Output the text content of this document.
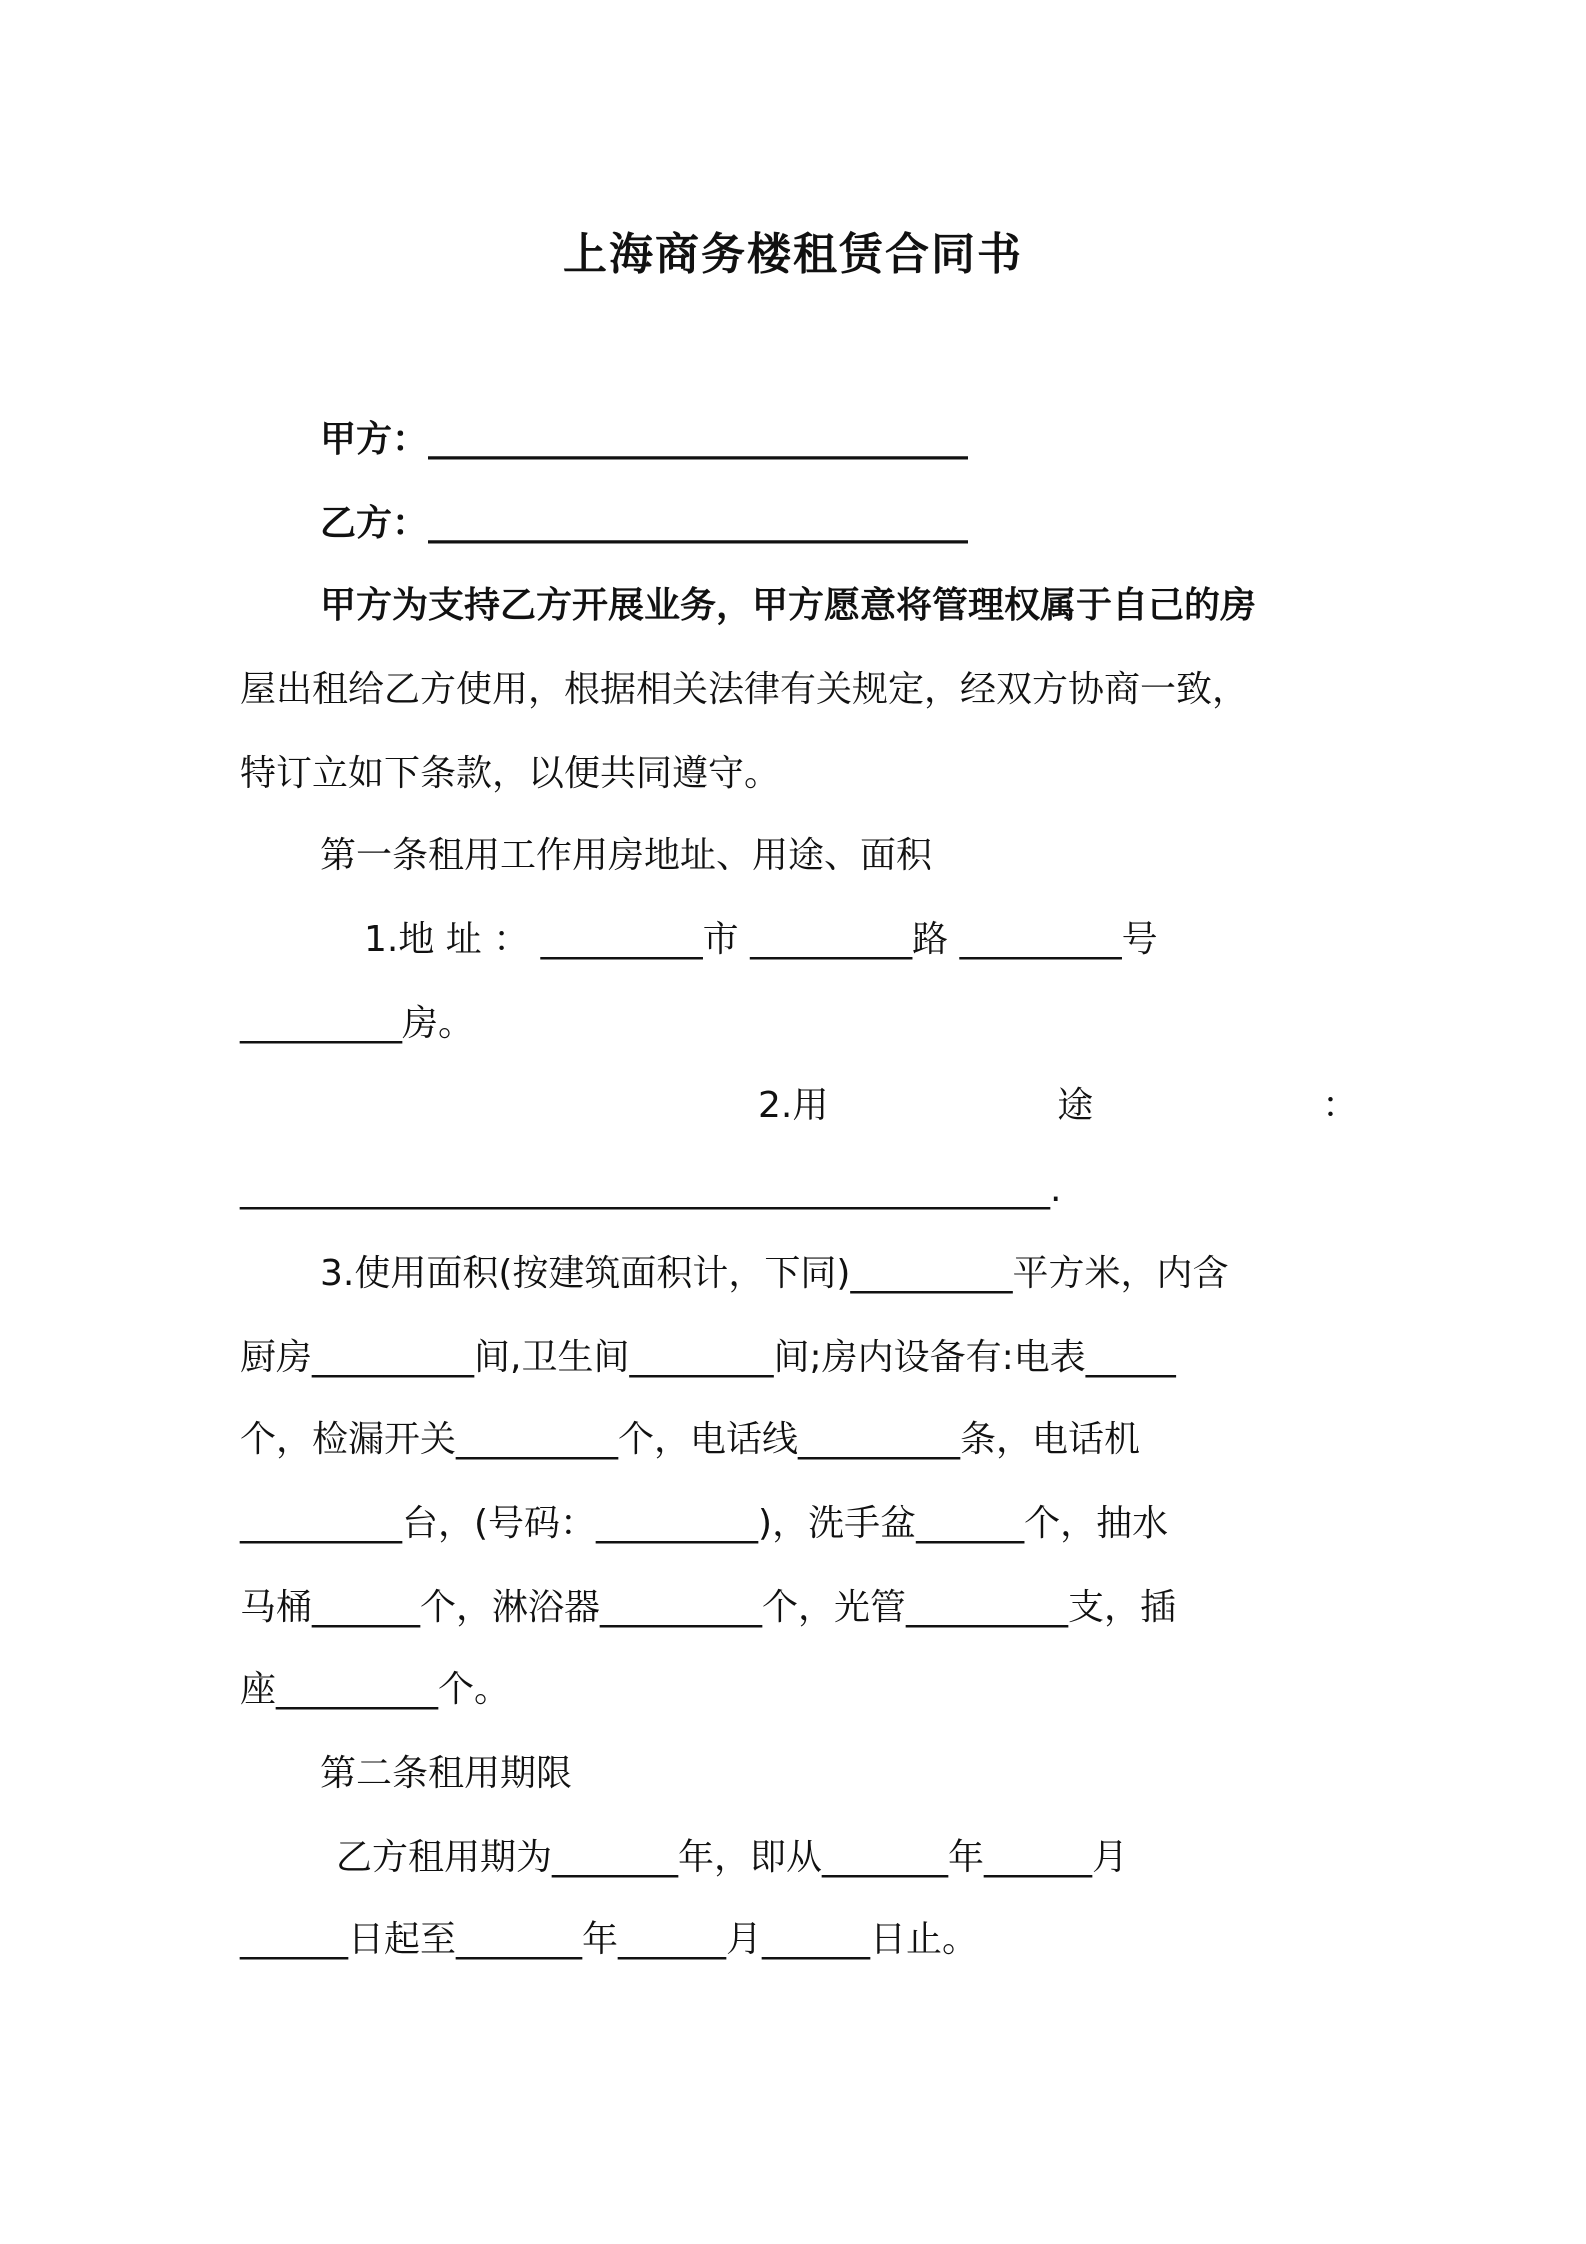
上海商务楼租赁合同书
甲方：______________________________
乙方：______________________________
甲方为支持乙方开展业务，甲方愿意将管理权属于自己的房
屋出租给乙方使用，根据相关法律有关规定，经双方协商一致，
特订立如下条款，以便共同遵守。
第一条租用工作用房地址、用途、面积
1.地 址 ： _________市 _________路 _________号
_________房。
2.用                    途                    ：
_____________________________________________.
3.使用面积(按建筑面积计，下同)_________平方米，内含
厨房_________间,卫生间________间;房内设备有:电表_____
个，检漏开关_________个，电话线_________条，电话机
_________台，(号码：_________)，洗手盆______个，抽水
马桶______个，淋浴器_________个，光管_________支，插
座_________个。
第二条租用期限
乙方租用期为_______年，即从_______年______月
______日起至_______年______月______日止。
